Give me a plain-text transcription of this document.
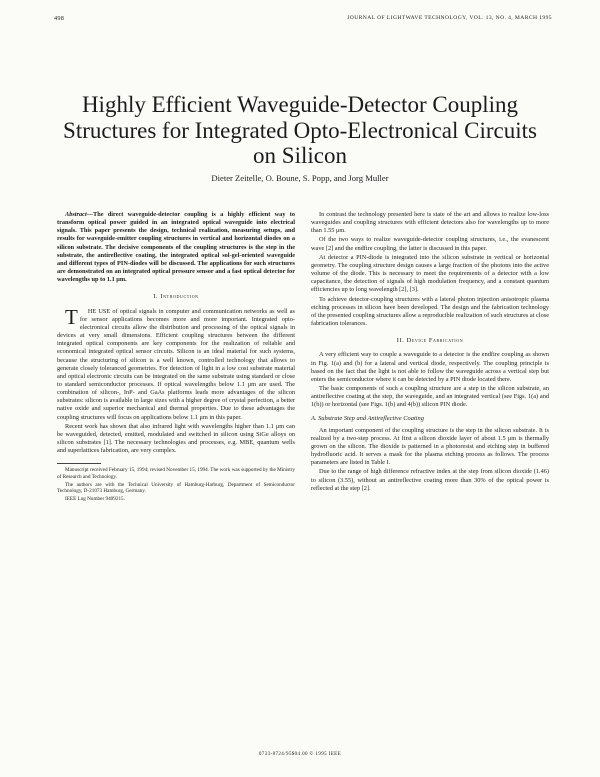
498	JOURNAL OF LIGHTWAVE TECHNOLOGY, VOL. 13, NO. 4, MARCH 1995
Highly Efficient Waveguide-Detector Coupling Structures for Integrated Opto-Electronical Circuits on Silicon
Dieter Zeitelle, O. Boune, S. Popp, and Jorg Muller

Abstract—The direct waveguide-detector coupling is a highly efficient way to transform optical power guided in an integrated optical waveguide into electrical signals. This paper presents the design, technical realization, measuring setups, and results for waveguide-emitter coupling structures in vertical and horizontal diodes on a silicon substrate. The decisive components of the coupling structures is the step in the substrate, the antireflective coating, the integrated optical sol-gel-oriented waveguide and different types of PIN-diodes will be discussed. The applications for such structures are demonstrated on an integrated optical pressure sensor and a fast optical detector for wavelengths up to 1.1 μm.

I. Introduction

THE USE of optical signals in computer and communication networks as well as for sensor applications becomes more and more important. Integrated opto-electronical circuits allow the distribution and processing of the optical signals in devices at very small dimensions. Efficient coupling structures between the different integrated optical components are key components for the realization of reliable and economical integrated optical sensor circuits. Silicon is an ideal material for such systems, because the structuring of silicon is a well known, controlled technology that allows to generate closely toleranced geometries. For detection of light in a low cost substrate material and optical electronic circuits can be integrated on the same substrate using standard or close to standard semiconductor processes. If optical wavelengths below 1.1 μm are used. The combination of silicon-, InP- and GaAs platforms leads more advantages of the silicon substrates: silicon is available in large sizes with a higher degree of crystal perfection, a better native oxide and superior mechanical and thermal properties. Due to these advantages the coupling structures will focus on applications below 1.1 μm in this paper.

Recent work has shown that also infrared light with wavelengths higher than 1.1 μm can be waveguided, detected, emitted, modulated and switched in silicon using SiGe alloys on silicon substrates [1]. The necessary technologies and processes, e.g. MBE, quantum wells and superlattices fabrication, are very complex.

Manuscript received February 15, 1994; revised November 15, 1994. The work was supported by the Ministry of Research and Technology.

The authors are with the Technical University of Hamburg-Harburg, Department of Semiconductor Technology, D-21073 Hamburg, Germany.

IEEE Log Number 9409215.

In contrast the technology presented here is state of the art and allows to realize low-loss waveguides and coupling structures with efficient detectors also for wavelengths up to more than 1.55 μm.

Of the two ways to realize waveguide-detector coupling structures, i.e., the evanescent wave [2] and the endfire coupling, the latter is discussed in this paper.

At detector a PIN-diode is integrated into the silicon substrate in vertical or horizontal geometry. The coupling structure design causes a large fraction of the photons into the active volume of the diode. This is necessary to meet the requirements of a detector with a low capacitance, the detection of signals of high modulation frequency, and a constant quantum efficiencies up to long wavelength [2], [3].

To achieve detector-coupling structures with a lateral photon injection anisotropic plasma etching processes in silicon have been developed. The design and the fabrication technology of the presented coupling structures allow a reproducible realization of such structures at close fabrication tolerances.

II. Device Fabrication

A very efficient way to couple a waveguide to a detector is the endfire coupling as shown in Fig. 1(a) and (b) for a lateral and vertical diode, respectively. The coupling principle is based on the fact that the light is not able to follow the waveguide across a vertical step but enters the semiconductor where it can be detected by a PIN diode located there.

The basic components of such a coupling structure are a step in the silicon substrate, an antireflective coating at the step, the waveguide, and an integrated vertical (see Figs. 1(a) and 1(b)) or horizontal (see Figs. 1(b) and 4(b)) silicon PIN diode.

A. Substrate Step and Antireflective Coating

An important component of the coupling structure is the step in the silicon substrate. It is realized by a two-step process. At first a silicon dioxide layer of about 1.5 μm is thermally grown on the silicon. The dioxide is patterned in a photoresist and etching step in buffered hydrofluoric acid. It serves a mask for the plasma etching process as follows. The process parameters are listed in Table I.

Due to the range of high difference refractive index at the step from silicon dioxide (1.46) to silicon (3.55), without an antireflective coating more than 30% of the optical power is reflected at the step [2].

0733-8724/95$04.00 © 1995 IEEE
